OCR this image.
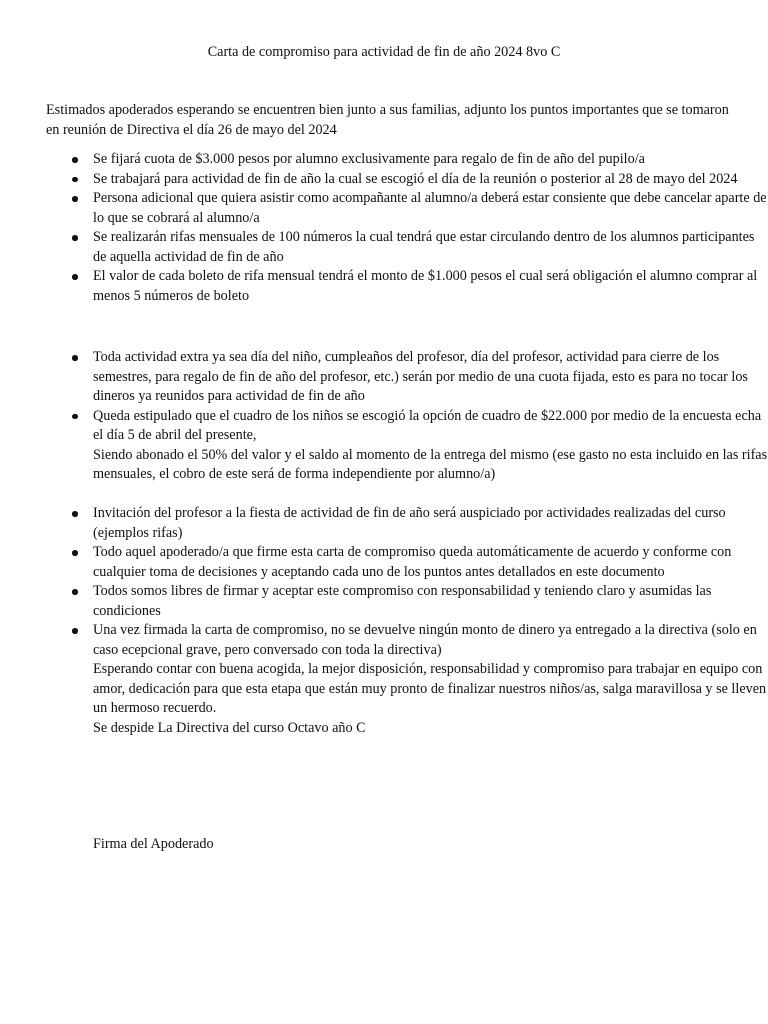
Carta de compromiso para actividad de fin de año 2024 8vo C

Estimados apoderados esperando se encuentren bien junto a sus familias, adjunto los puntos importantes que se tomaron en reunión de Directiva el día 26 de mayo del 2024

Se fijará cuota de $3.000 pesos por alumno exclusivamente para regalo de fin de año del pupilo/a
Se trabajará para actividad de fin de año la cual se escogió el día de la reunión o posterior al 28 de mayo del 2024
Persona adicional que quiera asistir como acompañante al alumno/a deberá estar consiente que debe cancelar aparte de lo que se cobrará al alumno/a
Se realizarán rifas mensuales de 100 números la cual tendrá que estar circulando dentro de los alumnos participantes de aquella actividad de fin de año
El valor de cada boleto de rifa mensual tendrá el monto de $1.000 pesos el cual será obligación el alumno comprar al menos 5 números de boleto
Toda actividad extra ya sea día del niño, cumpleaños del profesor, día del profesor, actividad para cierre de los semestres, para regalo de fin de año del profesor, etc.) serán por medio de una cuota fijada, esto es para no tocar los dineros ya reunidos para actividad de fin de año
Queda estipulado que el cuadro de los niños se escogió la opción de cuadro de $22.000 por medio de la encuesta echa el día 5 de abril del presente,
Siendo abonado el 50% del valor y el saldo al momento de la entrega del mismo (ese gasto no esta incluido en las rifas mensuales, el cobro de este será de forma independiente por alumno/a)
Invitación del profesor a la fiesta de actividad de fin de año será auspiciado por actividades realizadas del curso (ejemplos rifas)
Todo aquel apoderado/a que firme esta carta de compromiso queda automáticamente de acuerdo y conforme con cualquier toma de decisiones y aceptando cada uno de los puntos antes detallados en este documento
Todos somos libres de firmar y aceptar este compromiso con responsabilidad y teniendo claro y asumidas las condiciones
Una vez firmada la carta de compromiso, no se devuelve ningún monto de dinero ya entregado a la directiva (solo en caso ecepcional grave, pero conversado con toda la directiva)
Esperando contar con buena acogida, la mejor disposición, responsabilidad y compromiso para trabajar en equipo con amor, dedicación para que esta etapa que están muy pronto de finalizar nuestros niños/as, salga maravillosa y se lleven un hermoso recuerdo.
Se despide La Directiva del curso Octavo año C
Firma del Apoderado
